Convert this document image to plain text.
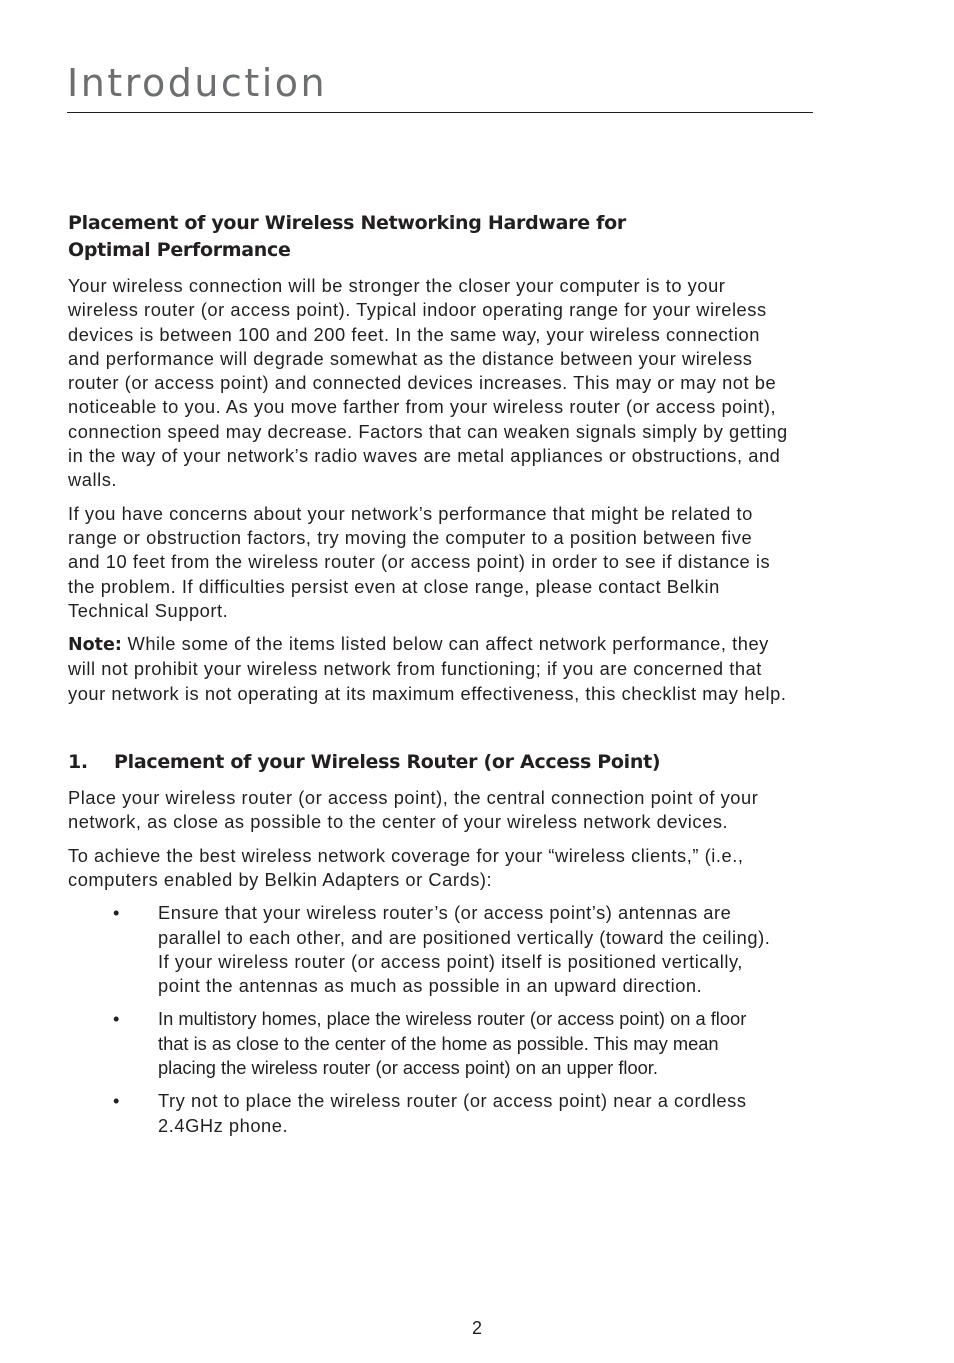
Introduction
Placement of your Wireless Networking Hardware for
Optimal Performance

Your wireless connection will be stronger the closer your computer is to your wireless router (or access point). Typical indoor operating range for your wireless devices is between 100 and 200 feet. In the same way, your wireless connection and performance will degrade somewhat as the distance between your wireless router (or access point) and connected devices increases. This may or may not be noticeable to you. As you move farther from your wireless router (or access point), connection speed may decrease. Factors that can weaken signals simply by getting in the way of your network’s radio waves are metal appliances or obstructions, and walls.

If you have concerns about your network’s performance that might be related to range or obstruction factors, try moving the computer to a position between five and 10 feet from the wireless router (or access point) in order to see if distance is the problem. If difficulties persist even at close range, please contact Belkin Technical Support.

Note: While some of the items listed below can affect network performance, they will not prohibit your wireless network from functioning; if you are concerned that your network is not operating at its maximum effectiveness, this checklist may help.

1.	Placement of your Wireless Router (or Access Point)

Place your wireless router (or access point), the central connection point of your network, as close as possible to the center of your wireless network devices.

To achieve the best wireless network coverage for your “wireless clients,” (i.e., computers enabled by Belkin Adapters or Cards):

•	Ensure that your wireless router’s (or access point’s) antennas are parallel to each other, and are positioned vertically (toward the ceiling). If your wireless router (or access point) itself is positioned vertically, point the antennas as much as possible in an upward direction.
•	In multistory homes, place the wireless router (or access point) on a floor that is as close to the center of the home as possible. This may mean placing the wireless router (or access point) on an upper floor.
•	Try not to place the wireless router (or access point) near a cordless 2.4GHz phone.
2
